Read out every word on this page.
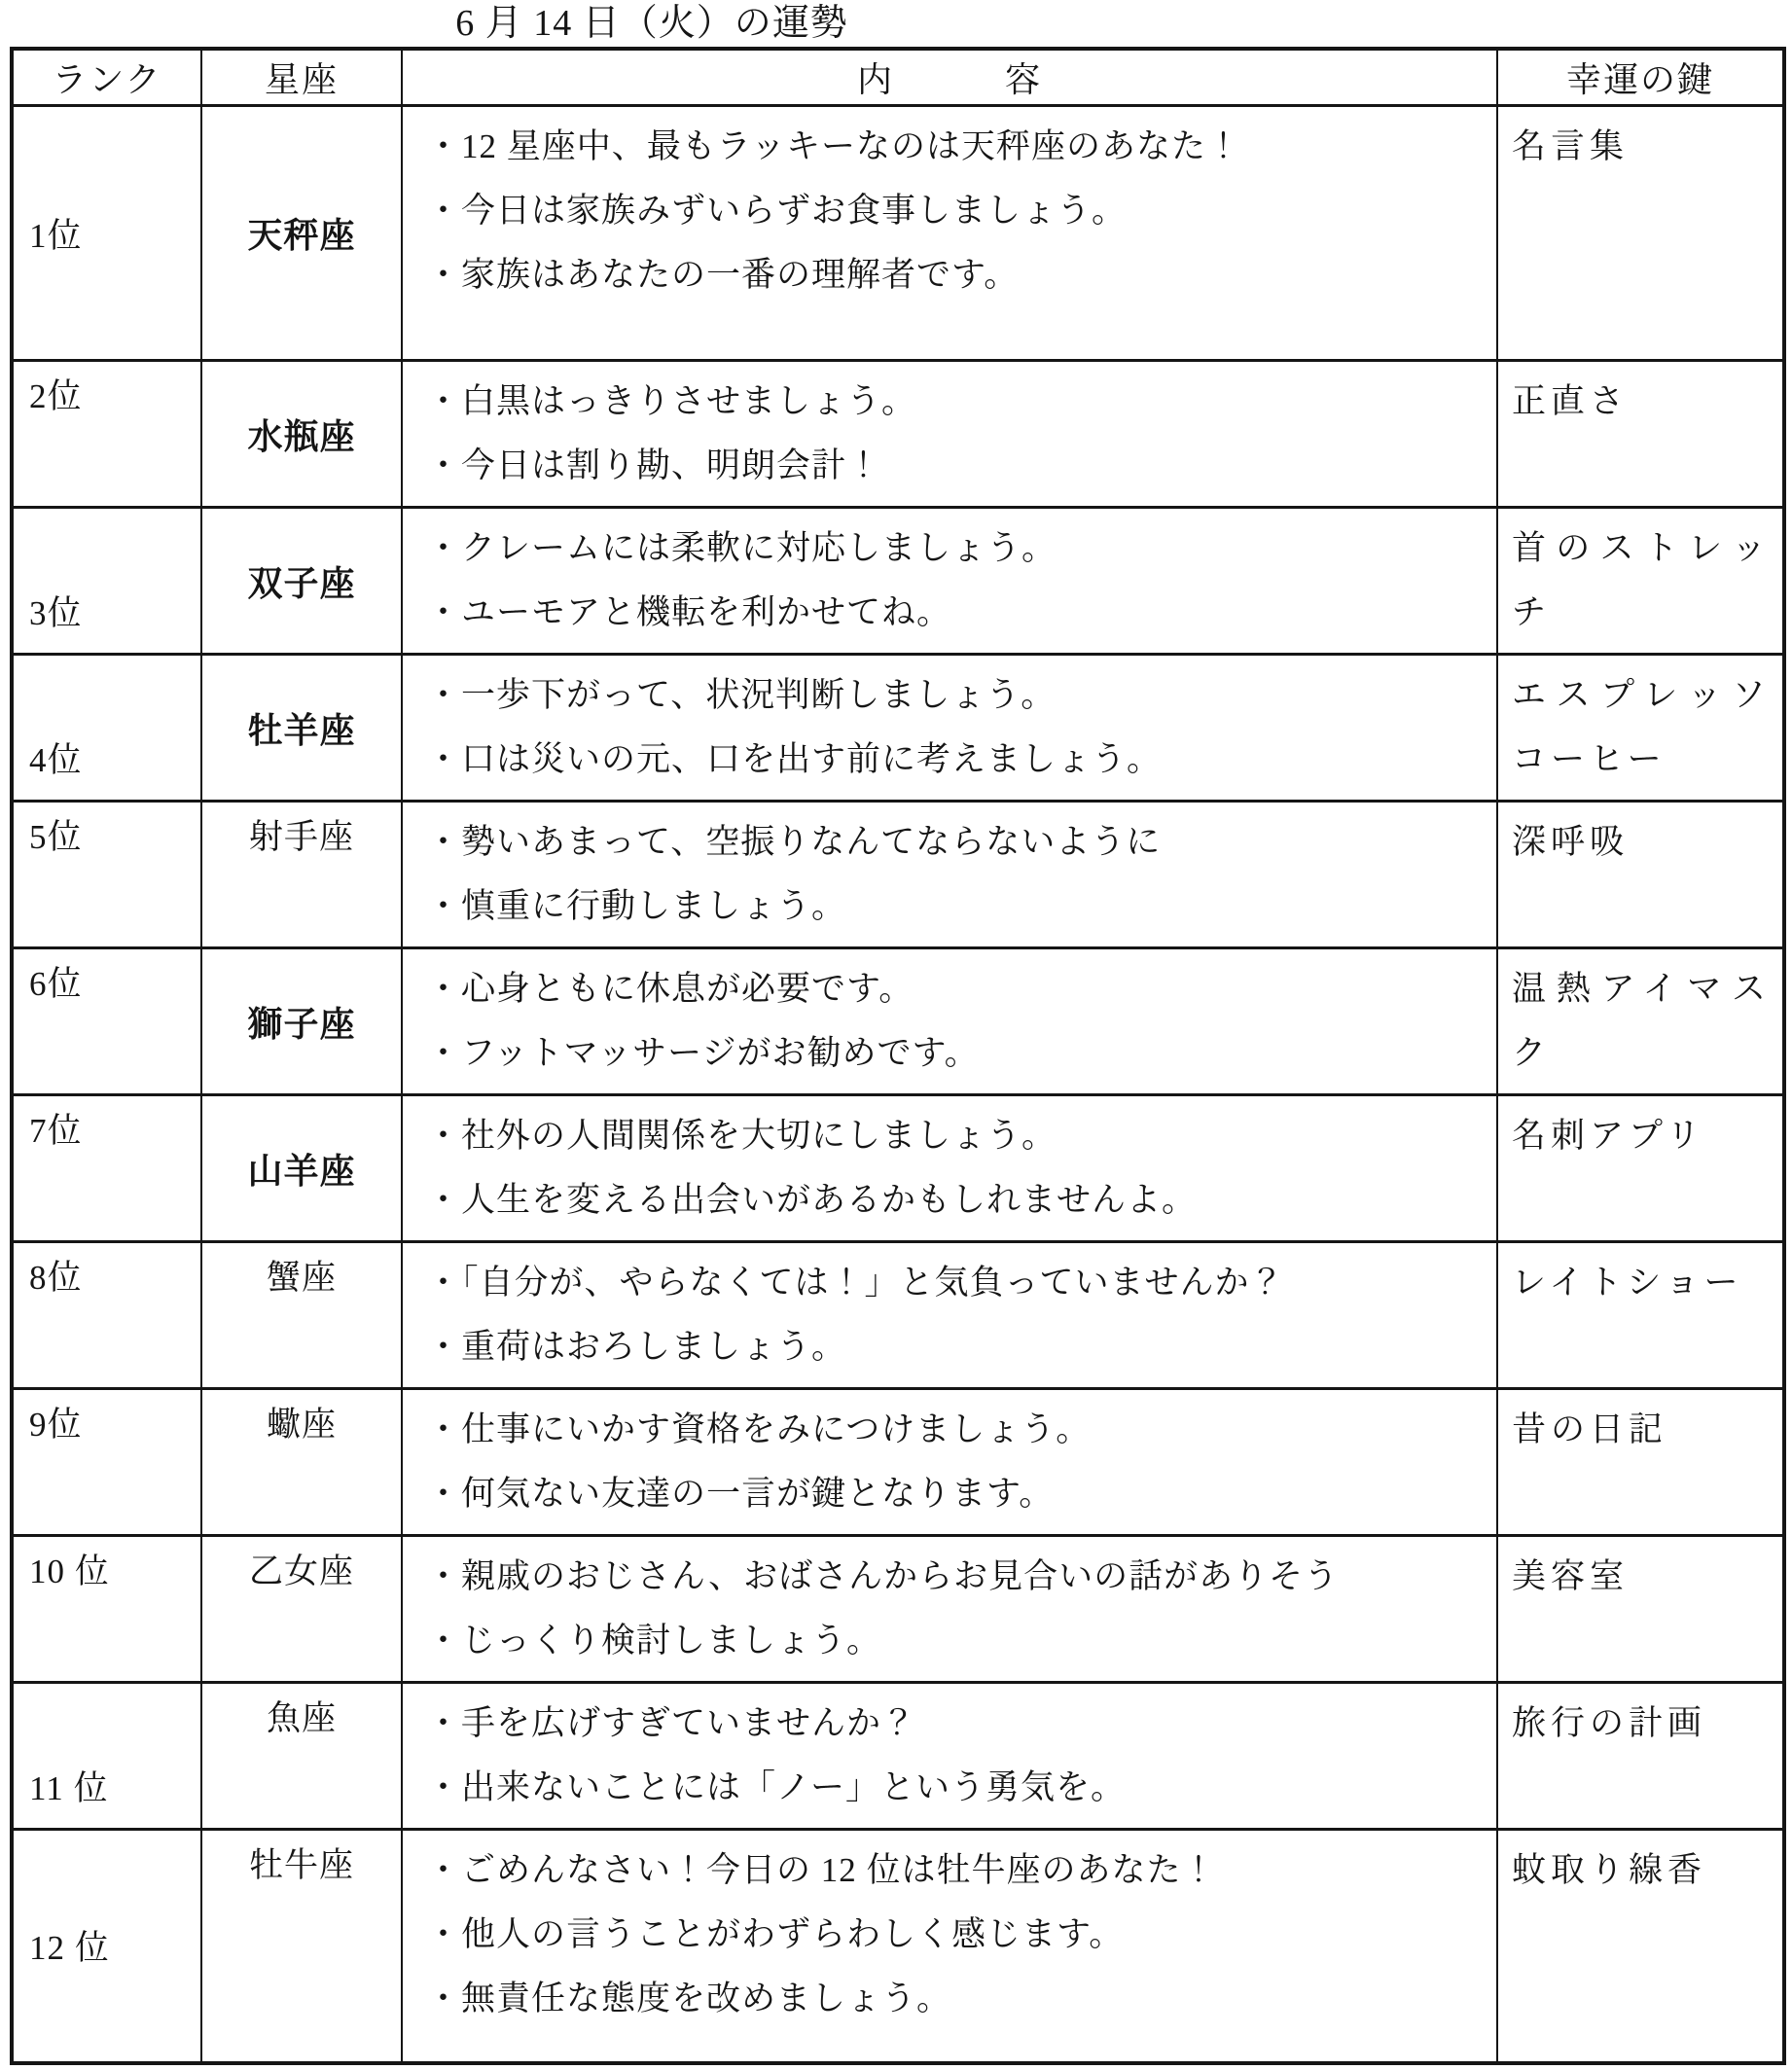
6 月 14 日（火）の運勢
ランク	星座	内　　　容	幸運の鍵
1位	天秤座	・12 星座中、最もラッキーなのは天秤座のあなた！
・今日は家族みずいらずお食事しましょう。
・家族はあなたの一番の理解者です。	名言集
2位	水瓶座	・白黒はっきりさせましょう。
・今日は割り勘、明朗会計！	正直さ
3位	双子座	・クレームには柔軟に対応しましょう。
・ユーモアと機転を利かせてね。	首のストレッチ
4位	牡羊座	・一歩下がって、状況判断しましょう。
・口は災いの元、口を出す前に考えましょう。	エスプレッソコーヒー
5位	射手座	・勢いあまって、空振りなんてならないように
・慎重に行動しましょう。	深呼吸
6位	獅子座	・心身ともに休息が必要です。
・フットマッサージがお勧めです。	温熱アイマスク
7位	山羊座	・社外の人間関係を大切にしましょう。
・人生を変える出会いがあるかもしれませんよ。	名刺アプリ
8位	蟹座	・「自分が、やらなくては！」と気負っていませんか？
・重荷はおろしましょう。	レイトショー
9位	蠍座	・仕事にいかす資格をみにつけましょう。
・何気ない友達の一言が鍵となります。	昔の日記
10 位	乙女座	・親戚のおじさん、おばさんからお見合いの話がありそう
・じっくり検討しましょう。	美容室
11 位	魚座	・手を広げすぎていませんか？
・出来ないことには「ノー」という勇気を。	旅行の計画
12 位	牡牛座	・ごめんなさい！今日の 12 位は牡牛座のあなた！
・他人の言うことがわずらわしく感じます。
・無責任な態度を改めましょう。	蚊取り線香
